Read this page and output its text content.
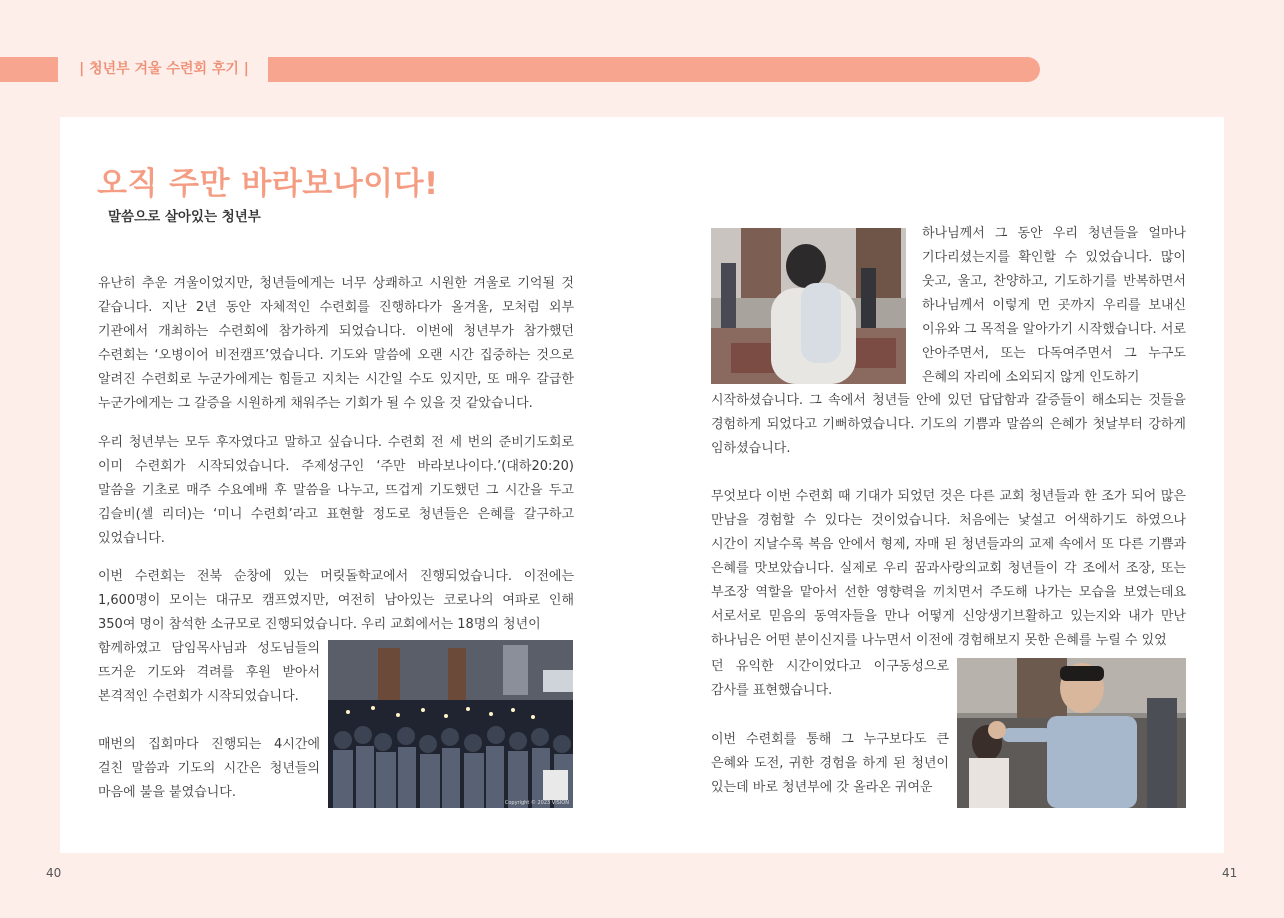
| 청년부 겨울 수련회 후기 |
오직 주만 바라보나이다!
말씀으로 살아있는 청년부

유난히 추운 겨울이었지만, 청년들에게는 너무 상쾌하고 시원한 겨울로 기억될 것 같습니다. 지난 2년 동안 자체적인 수련회를 진행하다가 올겨울, 모처럼 외부 기관에서 개최하는 수련회에 참가하게 되었습니다. 이번에 청년부가 참가했던 수련회는 ‘오병이어 비전캠프’였습니다. 기도와 말씀에 오랜 시간 집중하는 것으로 알려진 수련회로 누군가에게는 힘들고 지치는 시간일 수도 있지만, 또 매우 갈급한 누군가에게는 그 갈증을 시원하게 채워주는 기회가 될 수 있을 것 같았습니다.

우리 청년부는 모두 후자였다고 말하고 싶습니다. 수련회 전 세 번의 준비기도회로 이미 수련회가 시작되었습니다. 주제성구인 ‘주만 바라보나이다.’(대하20:20) 말씀을 기초로 매주 수요예배 후 말씀을 나누고, 뜨겁게 기도했던 그 시간을 두고 김슬비(셀 리더)는 ‘미니 수련회’라고 표현할 정도로 청년들은 은혜를 갈구하고 있었습니다.

이번 수련회는 전북 순창에 있는 머릿돌학교에서 진행되었습니다. 이전에는 1,600명이 모이는 대규모 캠프였지만, 여전히 남아있는 코로나의 여파로 인해 350여 명이 참석한 소규모로 진행되었습니다. 우리 교회에서는 18명의 청년이

함께하였고 담임목사님과 성도님들의 뜨거운 기도와 격려를 후원 받아서 본격적인 수련회가 시작되었습니다.

매번의 집회마다 진행되는 4시간에 걸친 말씀과 기도의 시간은 청년들의 마음에 불을 붙였습니다.

Copyright © 2023 VISION

하나님께서 그 동안 우리 청년들을 얼마나 기다리셨는지를 확인할 수 있었습니다. 많이 웃고, 울고, 찬양하고, 기도하기를 반복하면서 하나님께서 이렇게 먼 곳까지 우리를 보내신 이유와 그 목적을 알아가기 시작했습니다. 서로 안아주면서, 또는 다독여주면서 그 누구도 은혜의 자리에 소외되지 않게 인도하기

시작하셨습니다. 그 속에서 청년들 안에 있던 답답함과 갈증들이 해소되는 것들을 경험하게 되었다고 기뻐하였습니다. 기도의 기쁨과 말씀의 은혜가 첫날부터 강하게 임하셨습니다.

무엇보다 이번 수련회 때 기대가 되었던 것은 다른 교회 청년들과 한 조가 되어 많은 만남을 경험할 수 있다는 것이었습니다. 처음에는 낯설고 어색하기도 하였으나 시간이 지날수록 복음 안에서 형제, 자매 된 청년들과의 교제 속에서 또 다른 기쁨과 은혜를 맛보았습니다. 실제로 우리 꿈과사랑의교회 청년들이 각 조에서 조장, 또는 부조장 역할을 맡아서 선한 영향력을 끼치면서 주도해 나가는 모습을 보였는데요 서로서로 믿음의 동역자들을 만나 어떻게 신앙생기브활하고 있는지와 내가 만난 하나님은 어떤 분이신지를 나누면서 이전에 경험해보지 못한 은혜를 누릴 수 있었

던 유익한 시간이었다고 이구동성으로 감사를 표현했습니다.

이번 수련회를 통해 그 누구보다도 큰 은혜와 도전, 귀한 경험을 하게 된 청년이 있는데 바로 청년부에 갓 올라온 귀여운

40	41
